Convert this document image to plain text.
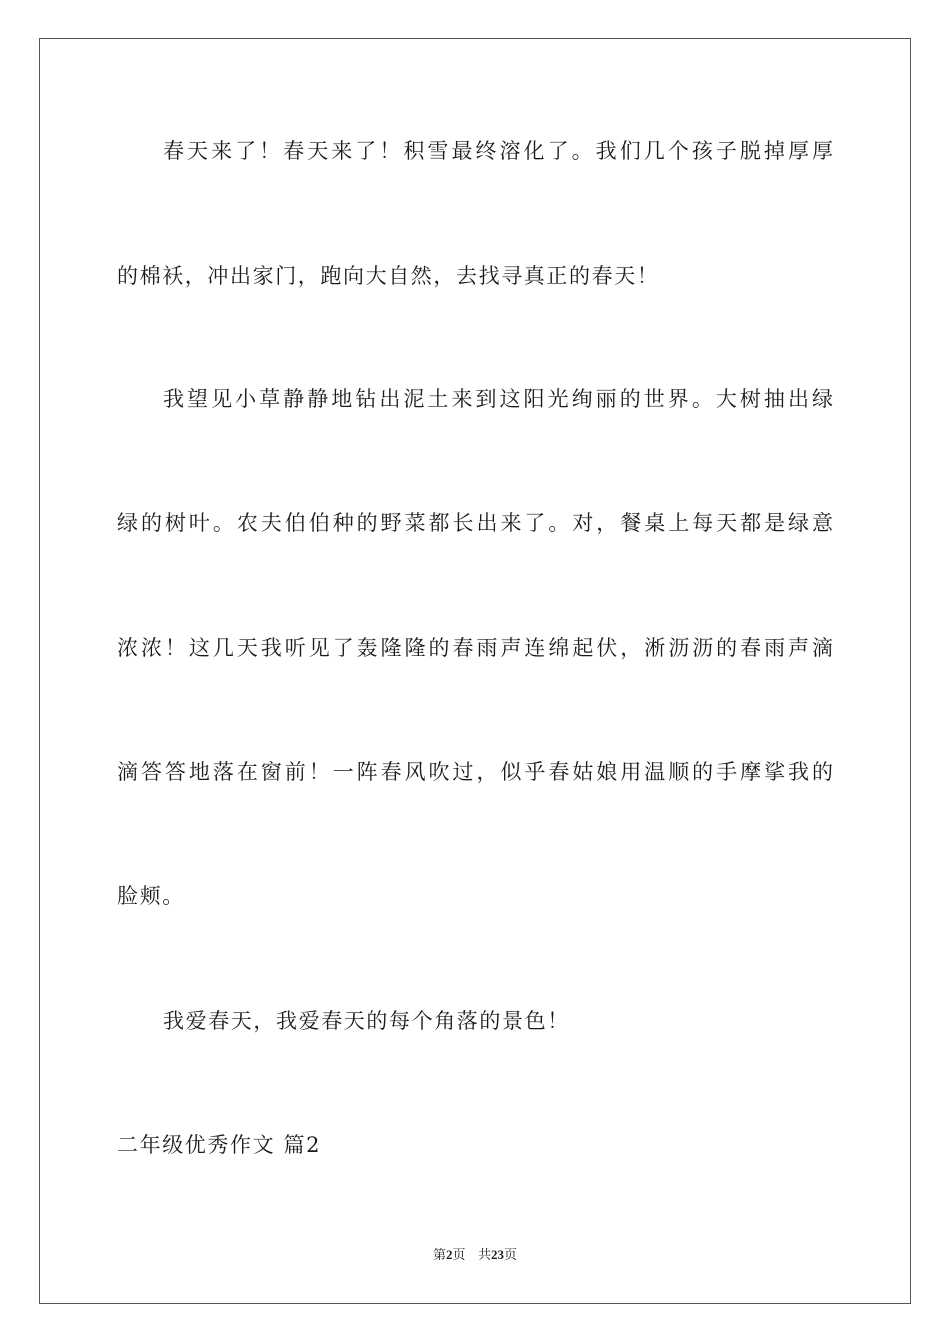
春天来了！春天来了！积雪最终溶化了。我们几个孩子脱掉厚厚
的棉袄，冲出家门，跑向大自然，去找寻真正的春天！
我望见小草静静地钻出泥土来到这阳光绚丽的世界。大树抽出绿
绿的树叶。农夫伯伯种的野菜都长出来了。对，餐桌上每天都是绿意
浓浓！这几天我听见了轰隆隆的春雨声连绵起伏，淅沥沥的春雨声滴
滴答答地落在窗前！一阵春风吹过，似乎春姑娘用温顺的手摩挲我的
脸颊。
我爱春天，我爱春天的每个角落的景色！
二年级优秀作文 篇2
第2页 共23页
